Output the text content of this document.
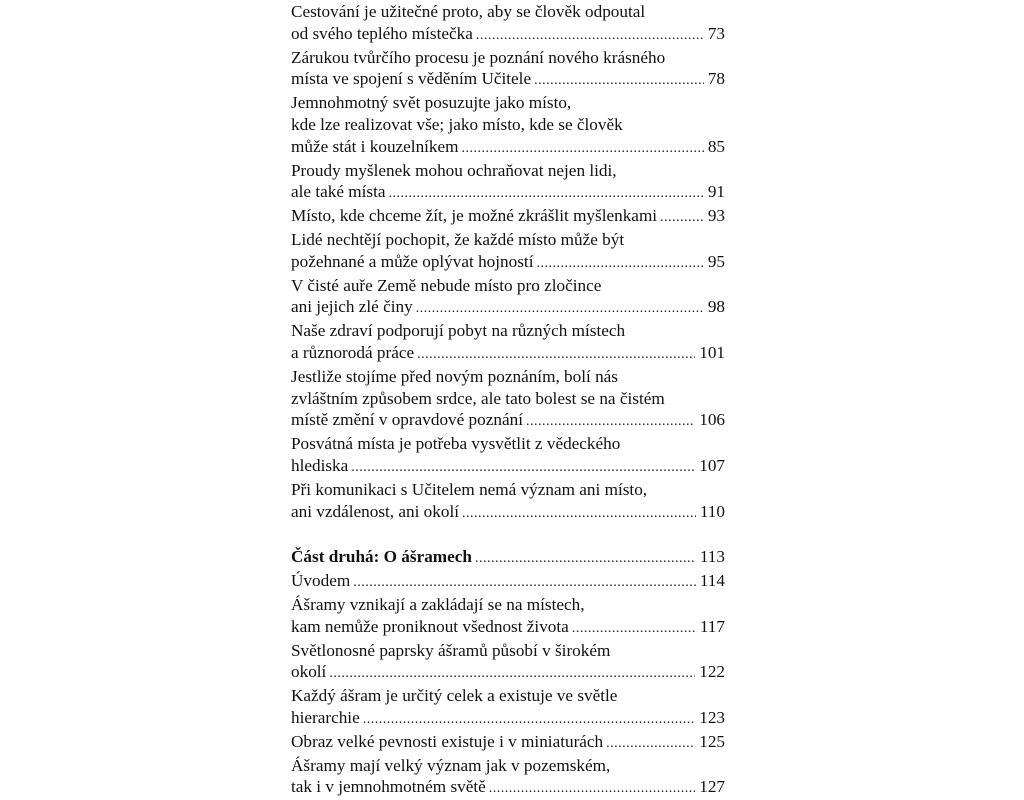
Cestování je užitečné proto, aby se člověk odpoutal
od svého teplého místečka .....	73
Zárukou tvůrčího procesu je poznání nového krásného
místa ve spojení s věděním Učitele .....	78
Jemnohmotný svět posuzujte jako místo,
kde lze realizovat vše; jako místo, kde se člověk
může stát i kouzelníkem .....	85
Proudy myšlenek mohou ochraňovat nejen lidi,
ale také místa .....	91
Místo, kde chceme žít, je možné zkrášlit myšlenkami .....	93
Lidé nechtějí pochopit, že každé místo může být
požehnané a může oplývat hojností .....	95
V čisté auře Země nebude místo pro zločince
ani jejich zlé činy .....	98
Naše zdraví podporují pobyt na různých místech
a různorodá práce .....	101
Jestliže stojíme před novým poznáním, bolí nás
zvláštním způsobem srdce, ale tato bolest se na čistém
místě změní v opravdové poznání .....	106
Posvátná místa je potřeba vysvětlit z vědeckého
hlediska .....	107
Při komunikaci s Učitelem nemá význam ani místo,
ani vzdálenost, ani okolí .....	110
Část druhá: O ášramech .....	113
Úvodem .....	114
Ášramy vznikají a zakládají se na místech,
kam nemůže proniknout všednost života .....	117
Světlonosné paprsky ášramů působí v širokém
okolí .....	122
Každý ášram je určitý celek a existuje ve světle
hierarchie .....	123
Obraz velké pevnosti existuje i v miniaturách .....	125
Ášramy mají velký význam jak v pozemském,
tak i v jemnohmotném světě .....	127
